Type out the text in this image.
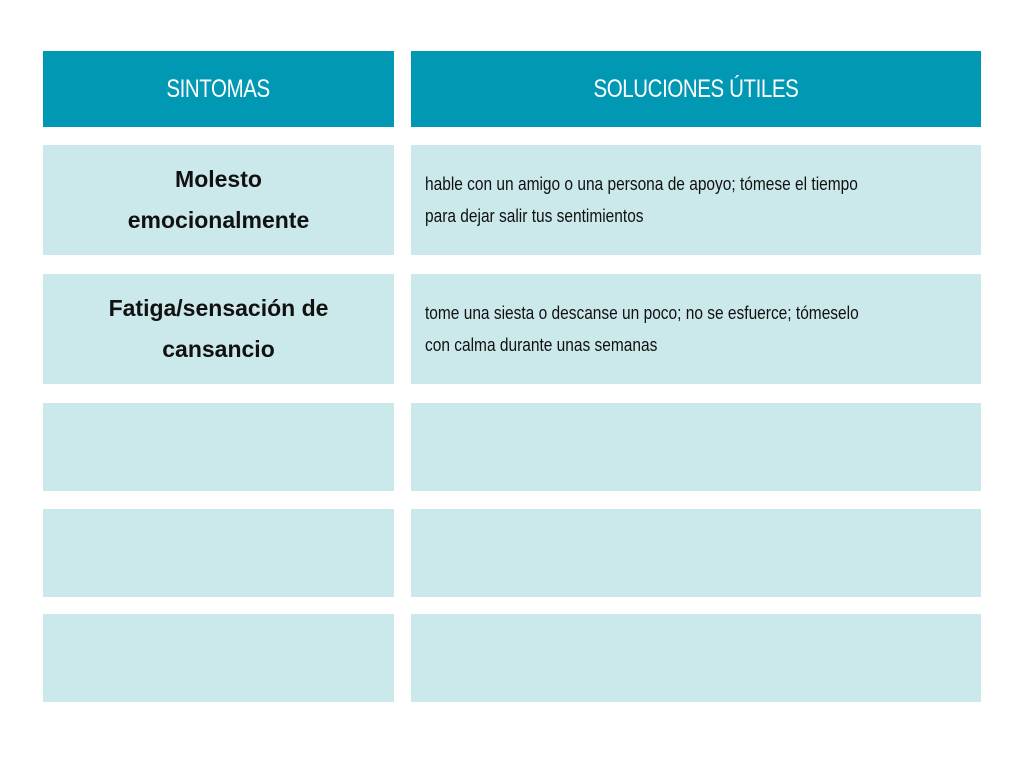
SINTOMAS	SOLUCIONES ÚTILES
Molesto emocionalmente
hable con un amigo o una persona de apoyo; tómese el tiempo para dejar salir tus sentimientos
Fatiga/sensación de cansancio
tome una siesta o descanse un poco; no se esfuerce; tómeselo con calma durante unas semanas
